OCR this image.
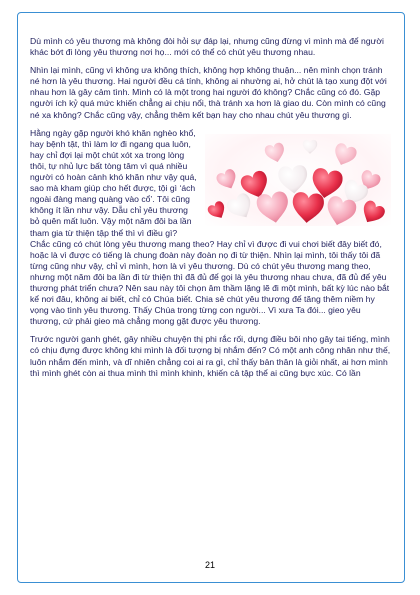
Dù mình có yêu thương mà không đòi hỏi sự đáp lại, nhưng cũng đừng vì mình mà để người khác bớt đi lòng yêu thương nơi họ... mới có thể có chút yêu thương nhau.

Nhìn lại mình, cũng vì không ưa không thích, không hợp không thuận... nên mình chọn tránh né hơn là yêu thương. Hai người đều cá tính, không ai nhường ai, hở chút là tạo xung đột với nhau hơn là gây cảm tình. Mình có là một trong hai người đó không? Chắc cũng có đó. Gặp người ích kỷ quá mức khiến chẳng ai chịu nổi, thà tránh xa hơn là giao du. Còn mình có cũng né xa không? Chắc cũng vậy, chẳng thêm kết bạn hay cho nhau chút yêu thương gì.

Hằng ngày gặp người khó khăn nghèo khổ, hay bệnh tật, thì làm lơ đi ngang qua luôn, hay chỉ đợi lại một chút xót xa trong lòng thôi, tự nhủ lực bất tòng tâm vì quá nhiều người có hoàn cảnh khó khăn như vậy quá, sao mà kham giúp cho hết được, tội gì ‘ách ngoài đàng mang quàng vào cổ’. Tôi cũng không ít lần như vậy. Dẫu chỉ yêu thương bỏ quên mất luôn. Vậy một năm đôi ba lần tham gia từ thiện tập thể thì vì điều gì? Chắc cũng có chút lòng yêu thương mang theo? Hay chỉ vì được đi vui chơi biết đây biết đó, hoặc là vì được có tiếng là chung đoàn này đoàn nọ đi từ thiện. Nhìn lại mình, tôi thấy tôi đã từng cũng như vậy, chỉ vì mình, hơn là vì yêu thương. Dù có chút yêu thương mang theo, nhưng một năm đôi ba lần đi từ thiện thì đã đủ để gọi là yêu thương nhau chưa, đã đủ để yêu thương phát triển chưa? Nên sau này tôi chọn âm thầm lặng lẽ đi một mình, bất kỳ lúc nào bắt kể nơi đâu, không ai biết, chỉ có Chúa biết. Chia sẻ chút yêu thương để tăng thêm niềm hy vọng vào tình yêu thương. Thấy Chúa trong từng con người... Vì xưa Ta đói... gieo yêu thương, cứ phải gieo mà chẳng mong gặt được yêu thương.

Trước người ganh ghét, gây nhiều chuyện thị phi rắc rối, dựng điều bôi nhọ gây tai tiếng, mình có chịu đựng được không khi mình là đối tượng bị nhắm đến? Có một anh công nhân như thế, luôn nhắm đến mình, và dĩ nhiên chẳng coi ai ra gì, chỉ thấy bản thân là giỏi nhất, ai hơn mình thì mình ghét còn ai thua mình thì mình khinh, khiến cả tập thể ai cũng bực xúc. Có lần

21
